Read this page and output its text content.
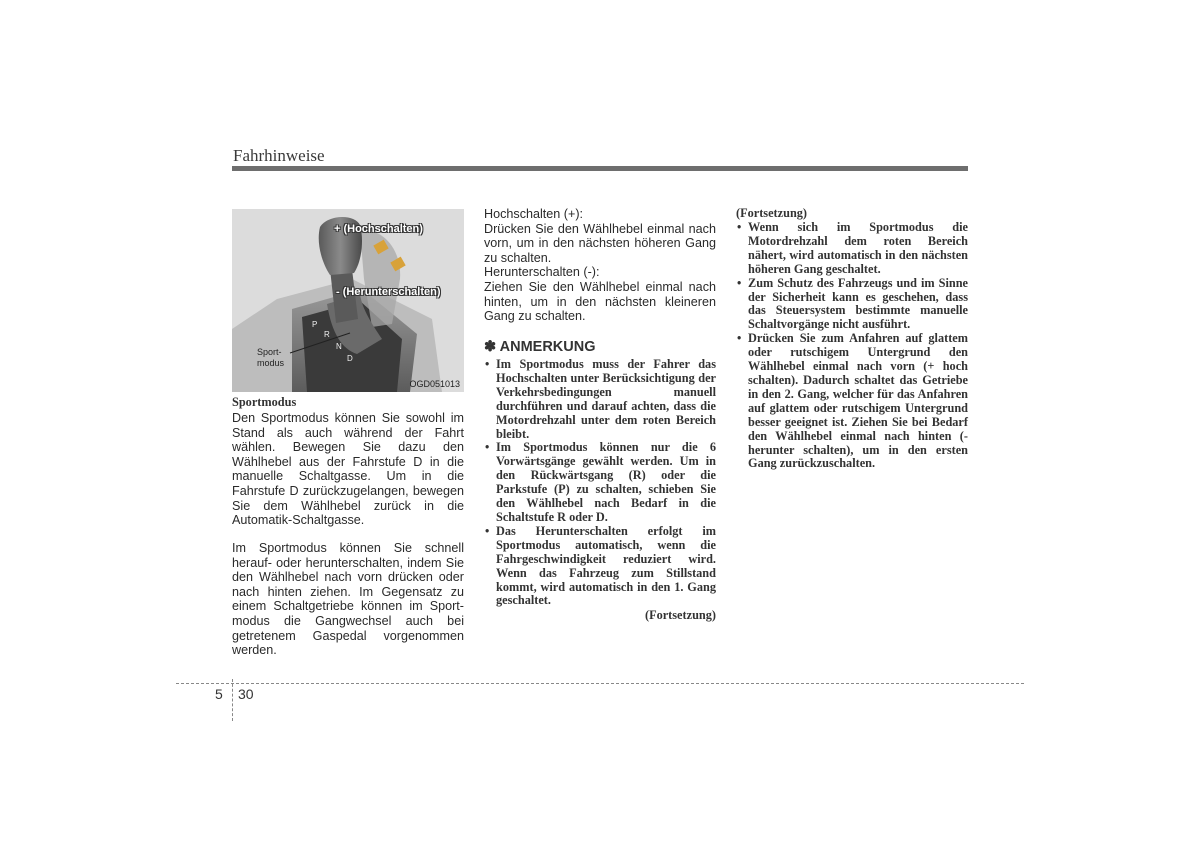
Fahrhinweise
P
R
N
D
+ (Hochschalten)
- (Herunterschalten)
Sport-
modus
OGD051013
Sportmodus

Den Sportmodus können Sie sowohl im Stand als auch während der Fahrt wählen. Bewegen Sie dazu den Wählhebel aus der Fahrstufe D in die manuelle Schaltgasse. Um in die Fahrstufe D zurückzugelangen, bewegen Sie dem Wählhebel zurück in die Automatik-Schaltgasse.

Im Sportmodus können Sie schnell herauf- oder herunterschalten, indem Sie den Wählhebel nach vorn drücken oder nach hinten ziehen. Im Gegensatz zu einem Schaltgetriebe können im Sport-modus die Gangwechsel auch bei getretenem Gaspedal vorgenommen werden.

Hochschalten (+):

Drücken Sie den Wählhebel einmal nach vorn, um in den nächsten höheren Gang zu schalten.

Herunterschalten (-):

Ziehen Sie den Wählhebel einmal nach hinten, um in den nächsten kleineren Gang zu schalten.

✽ ANMERKUNG
• Im Sportmodus muss der Fahrer das Hochschalten unter Berücksichtigung der Verkehrsbedingungen manuell durchführen und darauf achten, dass die Motordrehzahl unter dem roten Bereich bleibt.
• Im Sportmodus können nur die 6 Vorwärtsgänge gewählt werden. Um in den Rückwärtsgang (R) oder die Parkstufe (P) zu schalten, schieben Sie den Wählhebel nach Bedarf in die Schaltstufe R oder D.
• Das Herunterschalten erfolgt im Sportmodus automatisch, wenn die Fahrgeschwindigkeit reduziert wird. Wenn das Fahrzeug zum Stillstand kommt, wird automatisch in den 1. Gang geschaltet.
(Fortsetzung)
(Fortsetzung)
• Wenn sich im Sportmodus die Motordrehzahl dem roten Bereich nähert, wird automatisch in den nächsten höheren Gang geschaltet.
• Zum Schutz des Fahrzeugs und im Sinne der Sicherheit kann es geschehen, dass das Steuersystem bestimmte manuelle Schaltvorgänge nicht ausführt.
• Drücken Sie zum Anfahren auf glattem oder rutschigem Untergrund den Wählhebel einmal nach vorn (+ hoch schalten). Dadurch schaltet das Getriebe in den 2. Gang, welcher für das Anfahren auf glattem oder rutschigem Untergrund besser geeignet ist. Ziehen Sie bei Bedarf den Wählhebel einmal nach hinten (- herunter schalten), um in den ersten Gang zurückzuschalten.
5 30
